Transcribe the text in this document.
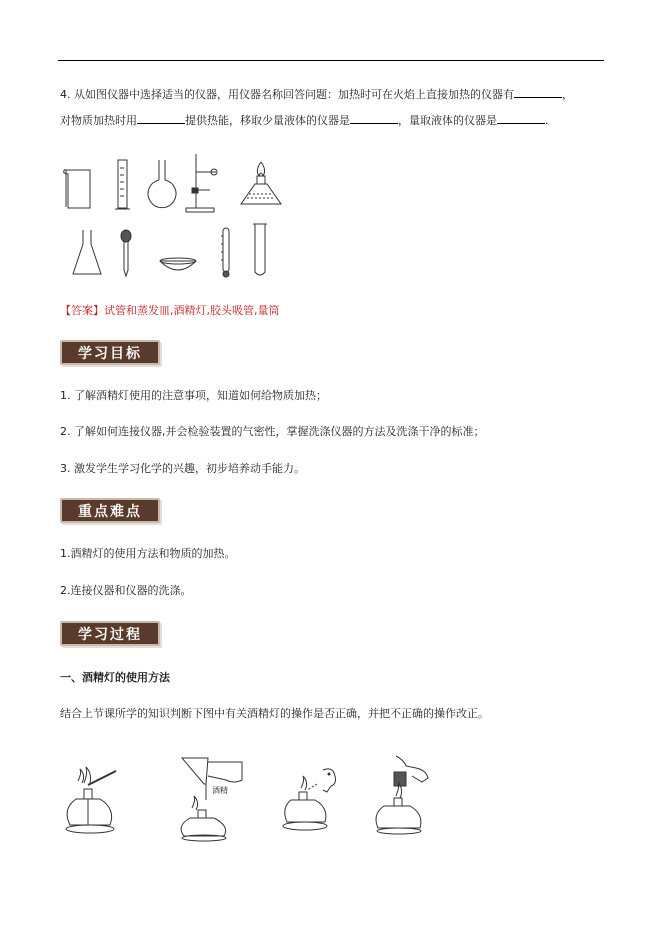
4. 从如图仪器中选择适当的仪器，用仪器名称回答问题：加热时可在火焰上直接加热的仪器有	，
对物质加热时用	提供热能，移取少量液体的仪器是	，量取液体的仪器是	.
【答案】试管和蒸发皿,酒精灯,胶头吸管,量筒
学习目标
1. 了解酒精灯使用的注意事项，知道如何给物质加热；
2. 了解如何连接仪器,并会检验装置的气密性，掌握洗涤仪器的方法及洗涤干净的标准；
3. 激发学生学习化学的兴趣，初步培养动手能力。
重点难点
1.酒精灯的使用方法和物质的加热。
2.连接仪器和仪器的洗涤。
学习过程
一、酒精灯的使用方法
结合上节课所学的知识判断下图中有关酒精灯的操作是否正确，并把不正确的操作改正。
酒精
